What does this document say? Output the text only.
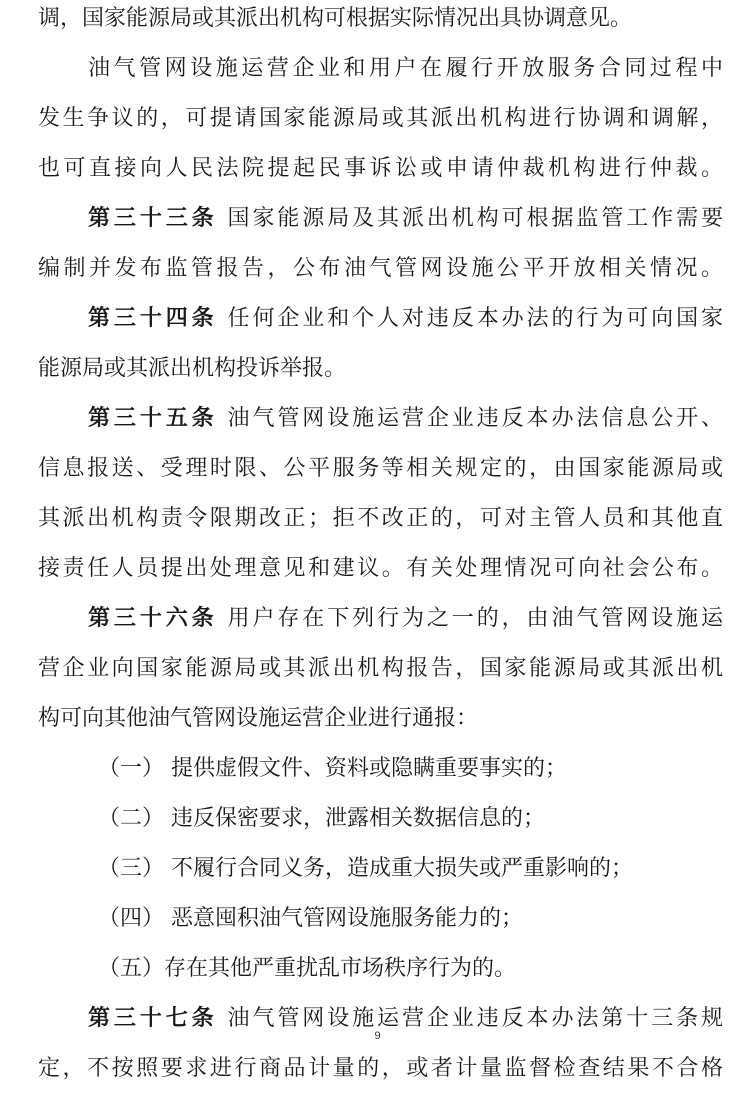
调，国家能源局或其派出机构可根据实际情况出具协调意见。
油气管网设施运营企业和用户在履行开放服务合同过程中
发生争议的，可提请国家能源局或其派出机构进行协调和调解，
也可直接向人民法院提起民事诉讼或申请仲裁机构进行仲裁。
第三十三条 国家能源局及其派出机构可根据监管工作需要
编制并发布监管报告，公布油气管网设施公平开放相关情况。
第三十四条 任何企业和个人对违反本办法的行为可向国家
能源局或其派出机构投诉举报。
第三十五条 油气管网设施运营企业违反本办法信息公开、
信息报送、受理时限、公平服务等相关规定的，由国家能源局或
其派出机构责令限期改正；拒不改正的，可对主管人员和其他直
接责任人员提出处理意见和建议。有关处理情况可向社会公布。
第三十六条 用户存在下列行为之一的，由油气管网设施运
营企业向国家能源局或其派出机构报告，国家能源局或其派出机
构可向其他油气管网设施运营企业进行通报：
（一） 提供虚假文件、资料或隐瞒重要事实的；
（二） 违反保密要求，泄露相关数据信息的；
（三） 不履行合同义务，造成重大损失或严重影响的；
（四） 恶意囤积油气管网设施服务能力的；
（五）存在其他严重扰乱市场秩序行为的。
第三十七条 油气管网设施运营企业违反本办法第十三条规
定，不按照要求进行商品计量的，或者计量监督检查结果不合格
9
